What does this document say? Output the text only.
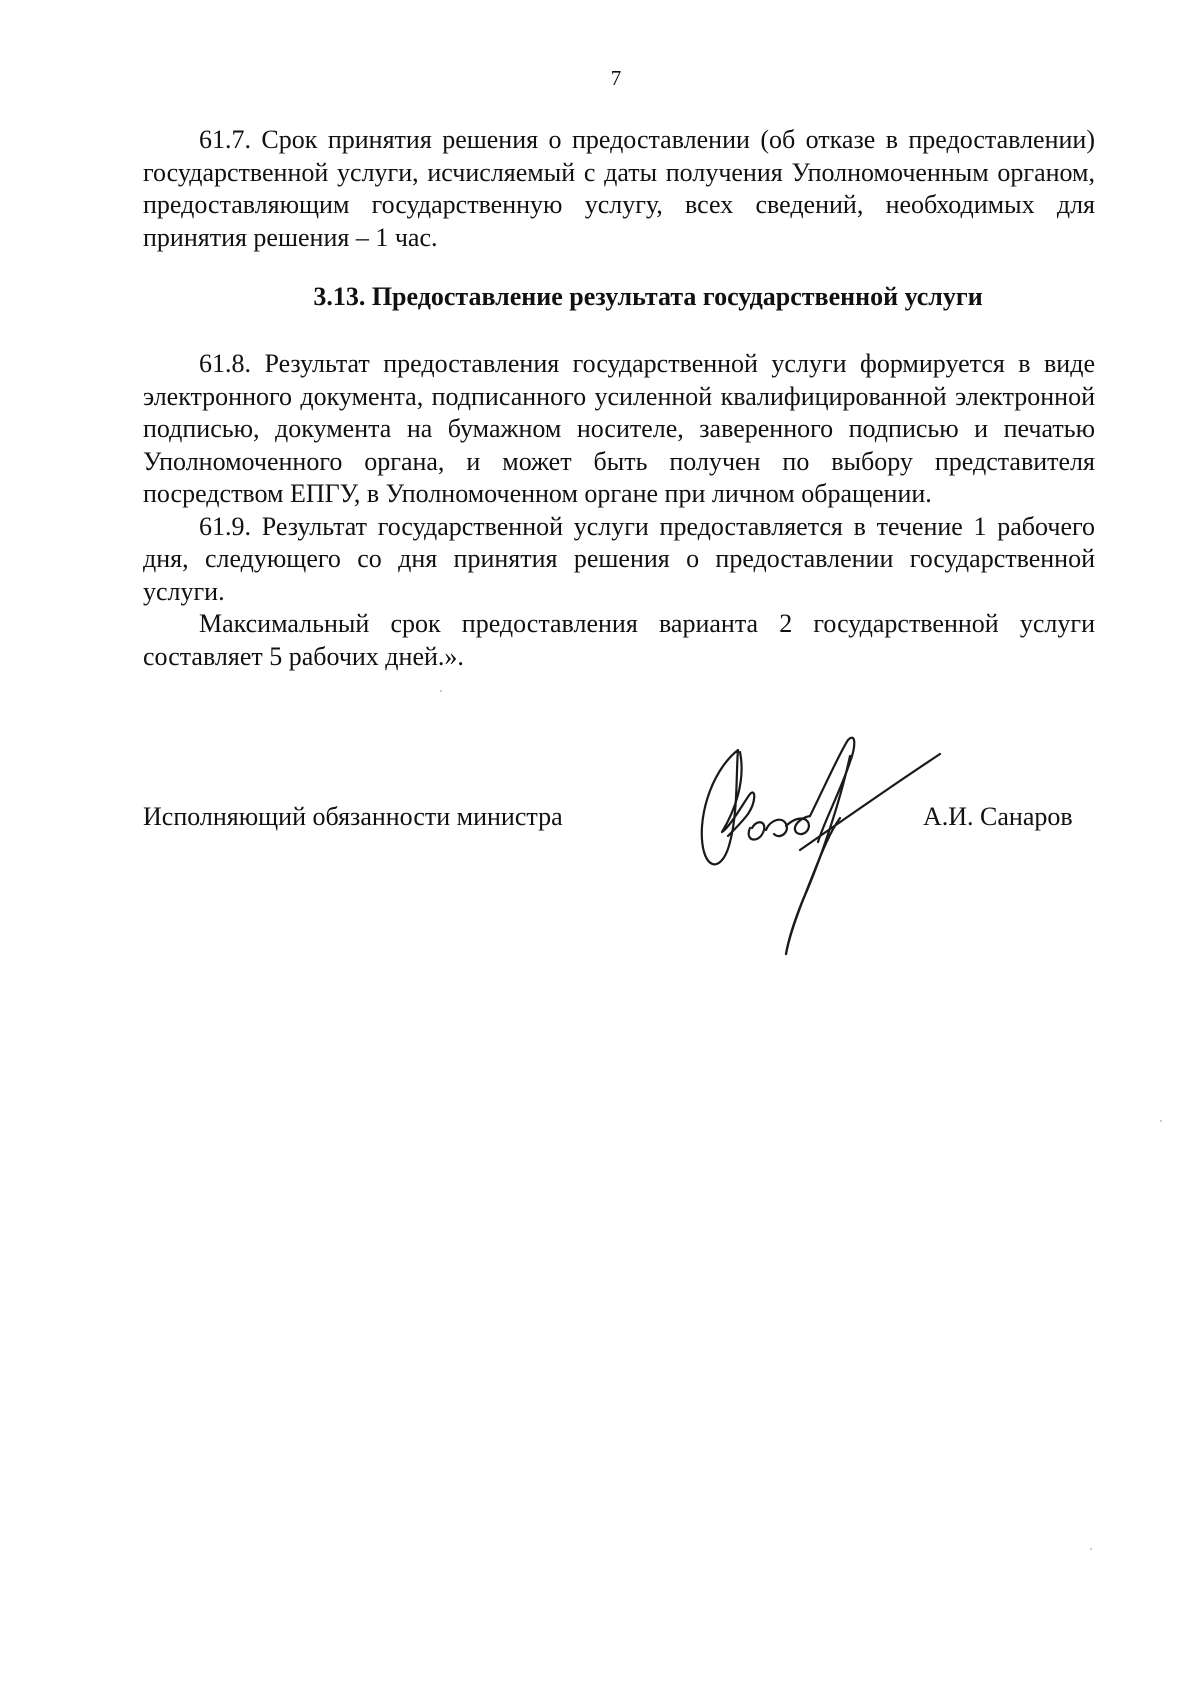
7

61.7. Срок принятия решения о предоставлении (об отказе в предоставлении) государственной услуги, исчисляемый с даты получения Уполномоченным органом, предоставляющим государственную услугу, всех сведений, необходимых для принятия решения – 1 час.

3.13. Предоставление результата государственной услуги

61.8. Результат предоставления государственной услуги формируется в виде электронного документа, подписанного усиленной квалифицированной электронной подписью, документа на бумажном носителе, заверенного подписью и печатью Уполномоченного органа, и может быть получен по выбору представителя посредством ЕПГУ, в Уполномоченном органе при личном обращении.

61.9. Результат государственной услуги предоставляется в течение 1 рабочего дня, следующего со дня принятия решения о предоставлении государственной услуги.

Максимальный срок предоставления варианта 2 государственной услуги составляет 5 рабочих дней.».

Исполняющий обязанности министра	А.И. Санаров
